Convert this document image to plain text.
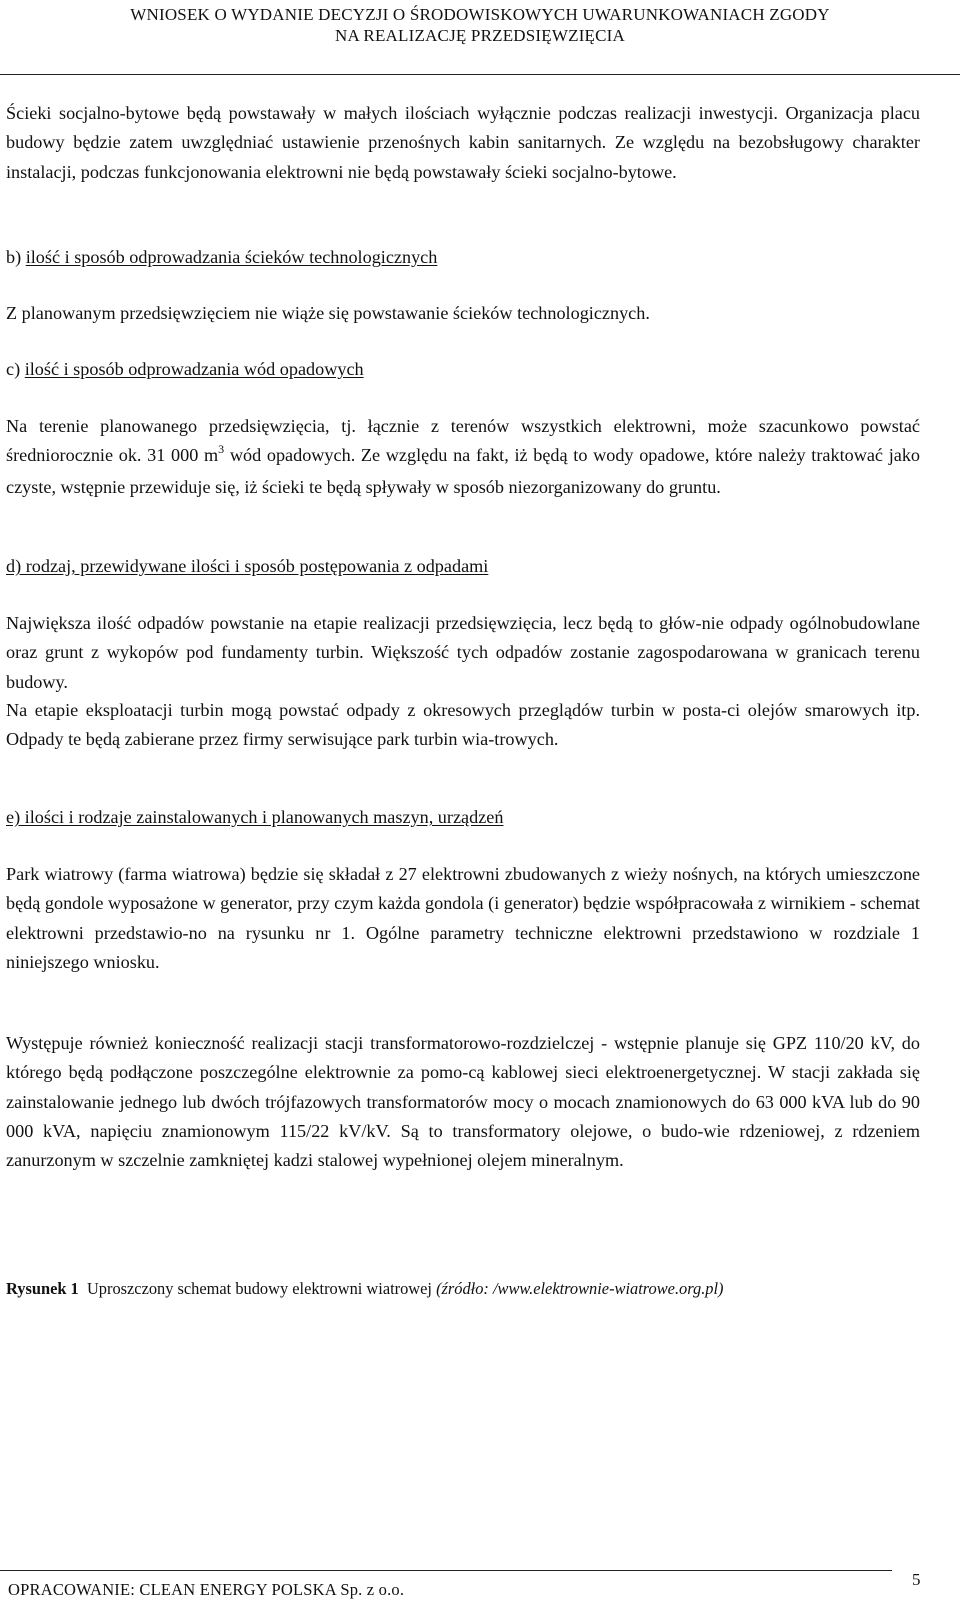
WNIOSEK O WYDANIE DECYZJI O ŚRODOWISKOWYCH UWARUNKOWANIACH ZGODY
NA REALIZACJĘ PRZEDSIĘWZIĘCIA

Ścieki socjalno-bytowe będą powstawały w małych ilościach wyłącznie podczas realizacji inwestycji. Organizacja placu budowy będzie zatem uwzględniać ustawienie przenośnych kabin sanitarnych. Ze względu na bezobsługowy charakter instalacji, podczas funkcjonowania elektrowni nie będą powstawały ścieki socjalno-bytowe.

b) ilość i sposób odprowadzania ścieków technologicznych

Z planowanym przedsięwzięciem nie wiąże się powstawanie ścieków technologicznych.

c) ilość i sposób odprowadzania wód opadowych

Na terenie planowanego przedsięwzięcia, tj. łącznie z terenów wszystkich elektrowni, może szacunkowo powstać średniorocznie ok. 31 000 $m^3$ wód opadowych. Ze względu na fakt, iż będą to wody opadowe, które należy traktować jako czyste, wstępnie przewiduje się, iż ścieki te będą spływały w sposób niezorganizowany do gruntu.

d) rodzaj, przewidywane ilości i sposób postępowania z odpadami

Największa ilość odpadów powstanie na etapie realizacji przedsięwzięcia, lecz będą to głów-nie odpady ogólnobudowlane oraz grunt z wykopów pod fundamenty turbin. Większość tych odpadów zostanie zagospodarowana w granicach terenu budowy.

Na etapie eksploatacji turbin mogą powstać odpady z okresowych przeglądów turbin w posta-ci olejów smarowych itp. Odpady te będą zabierane przez firmy serwisujące park turbin wia-trowych.

e) ilości i rodzaje zainstalowanych i planowanych maszyn, urządzeń

Park wiatrowy (farma wiatrowa) będzie się składał z 27 elektrowni zbudowanych z wieży nośnych, na których umieszczone będą gondole wyposażone w generator, przy czym każda gondola (i generator) będzie współpracowała z wirnikiem - schemat elektrowni przedstawio-no na rysunku nr 1. Ogólne parametry techniczne elektrowni przedstawiono w rozdziale 1 niniejszego wniosku.

Występuje również konieczność realizacji stacji transformatorowo-rozdzielczej - wstępnie planuje się GPZ 110/20 kV, do którego będą podłączone poszczególne elektrownie za pomo-cą kablowej sieci elektroenergetycznej. W stacji zakłada się zainstalowanie jednego lub dwóch trójfazowych transformatorów mocy o mocach znamionowych do 63 000 kVA lub do 90 000 kVA, napięciu znamionowym 115/22 kV/kV. Są to transformatory olejowe, o budo-wie rdzeniowej, z rdzeniem zanurzonym w szczelnie zamkniętej kadzi stalowej wypełnionej olejem mineralnym.

Rysunek 1 Uproszczony schemat budowy elektrowni wiatrowej (źródło: /www.elektrownie-wiatrowe.org.pl)

OPRACOWANIE: CLEAN ENERGY POLSKA Sp. z o.o.
5
